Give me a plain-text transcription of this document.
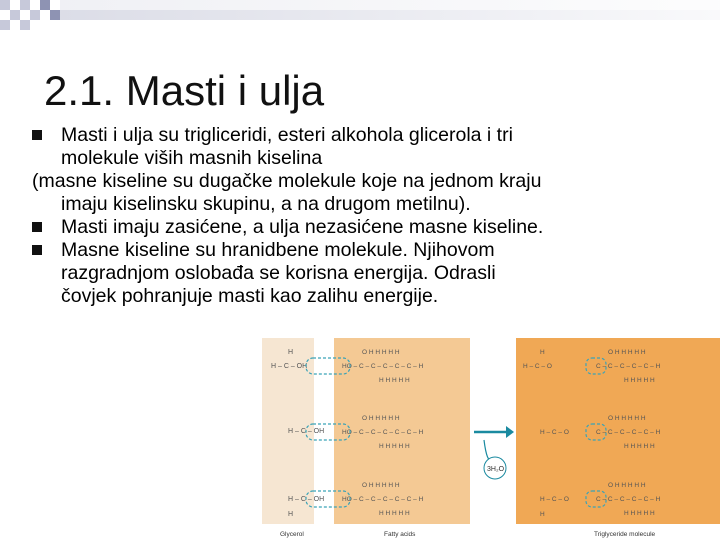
2.1. Masti i ulja
Masti i ulja su trigliceridi, esteri alkohola glicerola i tri
molekule viših masnih kiselina
(masne kiseline su dugačke molekule koje na jednom kraju
imaju kiselinsku skupinu, a na drugom metilnu).
Masti imaju zasićene, a ulja nezasićene masne kiseline.
Masne kiseline su hranidbene molekule. Njihovom
razgradnjom oslobađa se korisna energija. Odrasli
čovjek pohranjuje masti kao zalihu energije.
H
H – C – OH
H – C – OH
H – C – OH
H
O H H H H H
HO – C – C – C – C – C – H
H H H H H
O H H H H H
HO – C – C – C – C – C – H
H H H H H
O H H H H H
HO – C – C – C – C – C – H
H H H H H
3H₂O
H
H – C – O
H – C – O
H – C – O
H
O H H H H H
C – C – C – C – C – H
H H H H H
O H H H H H
C – C – C – C – C – H
H H H H H
O H H H H H
C – C – C – C – C – H
H H H H H
Glycerol	Fatty acids	Triglyceride molecule
